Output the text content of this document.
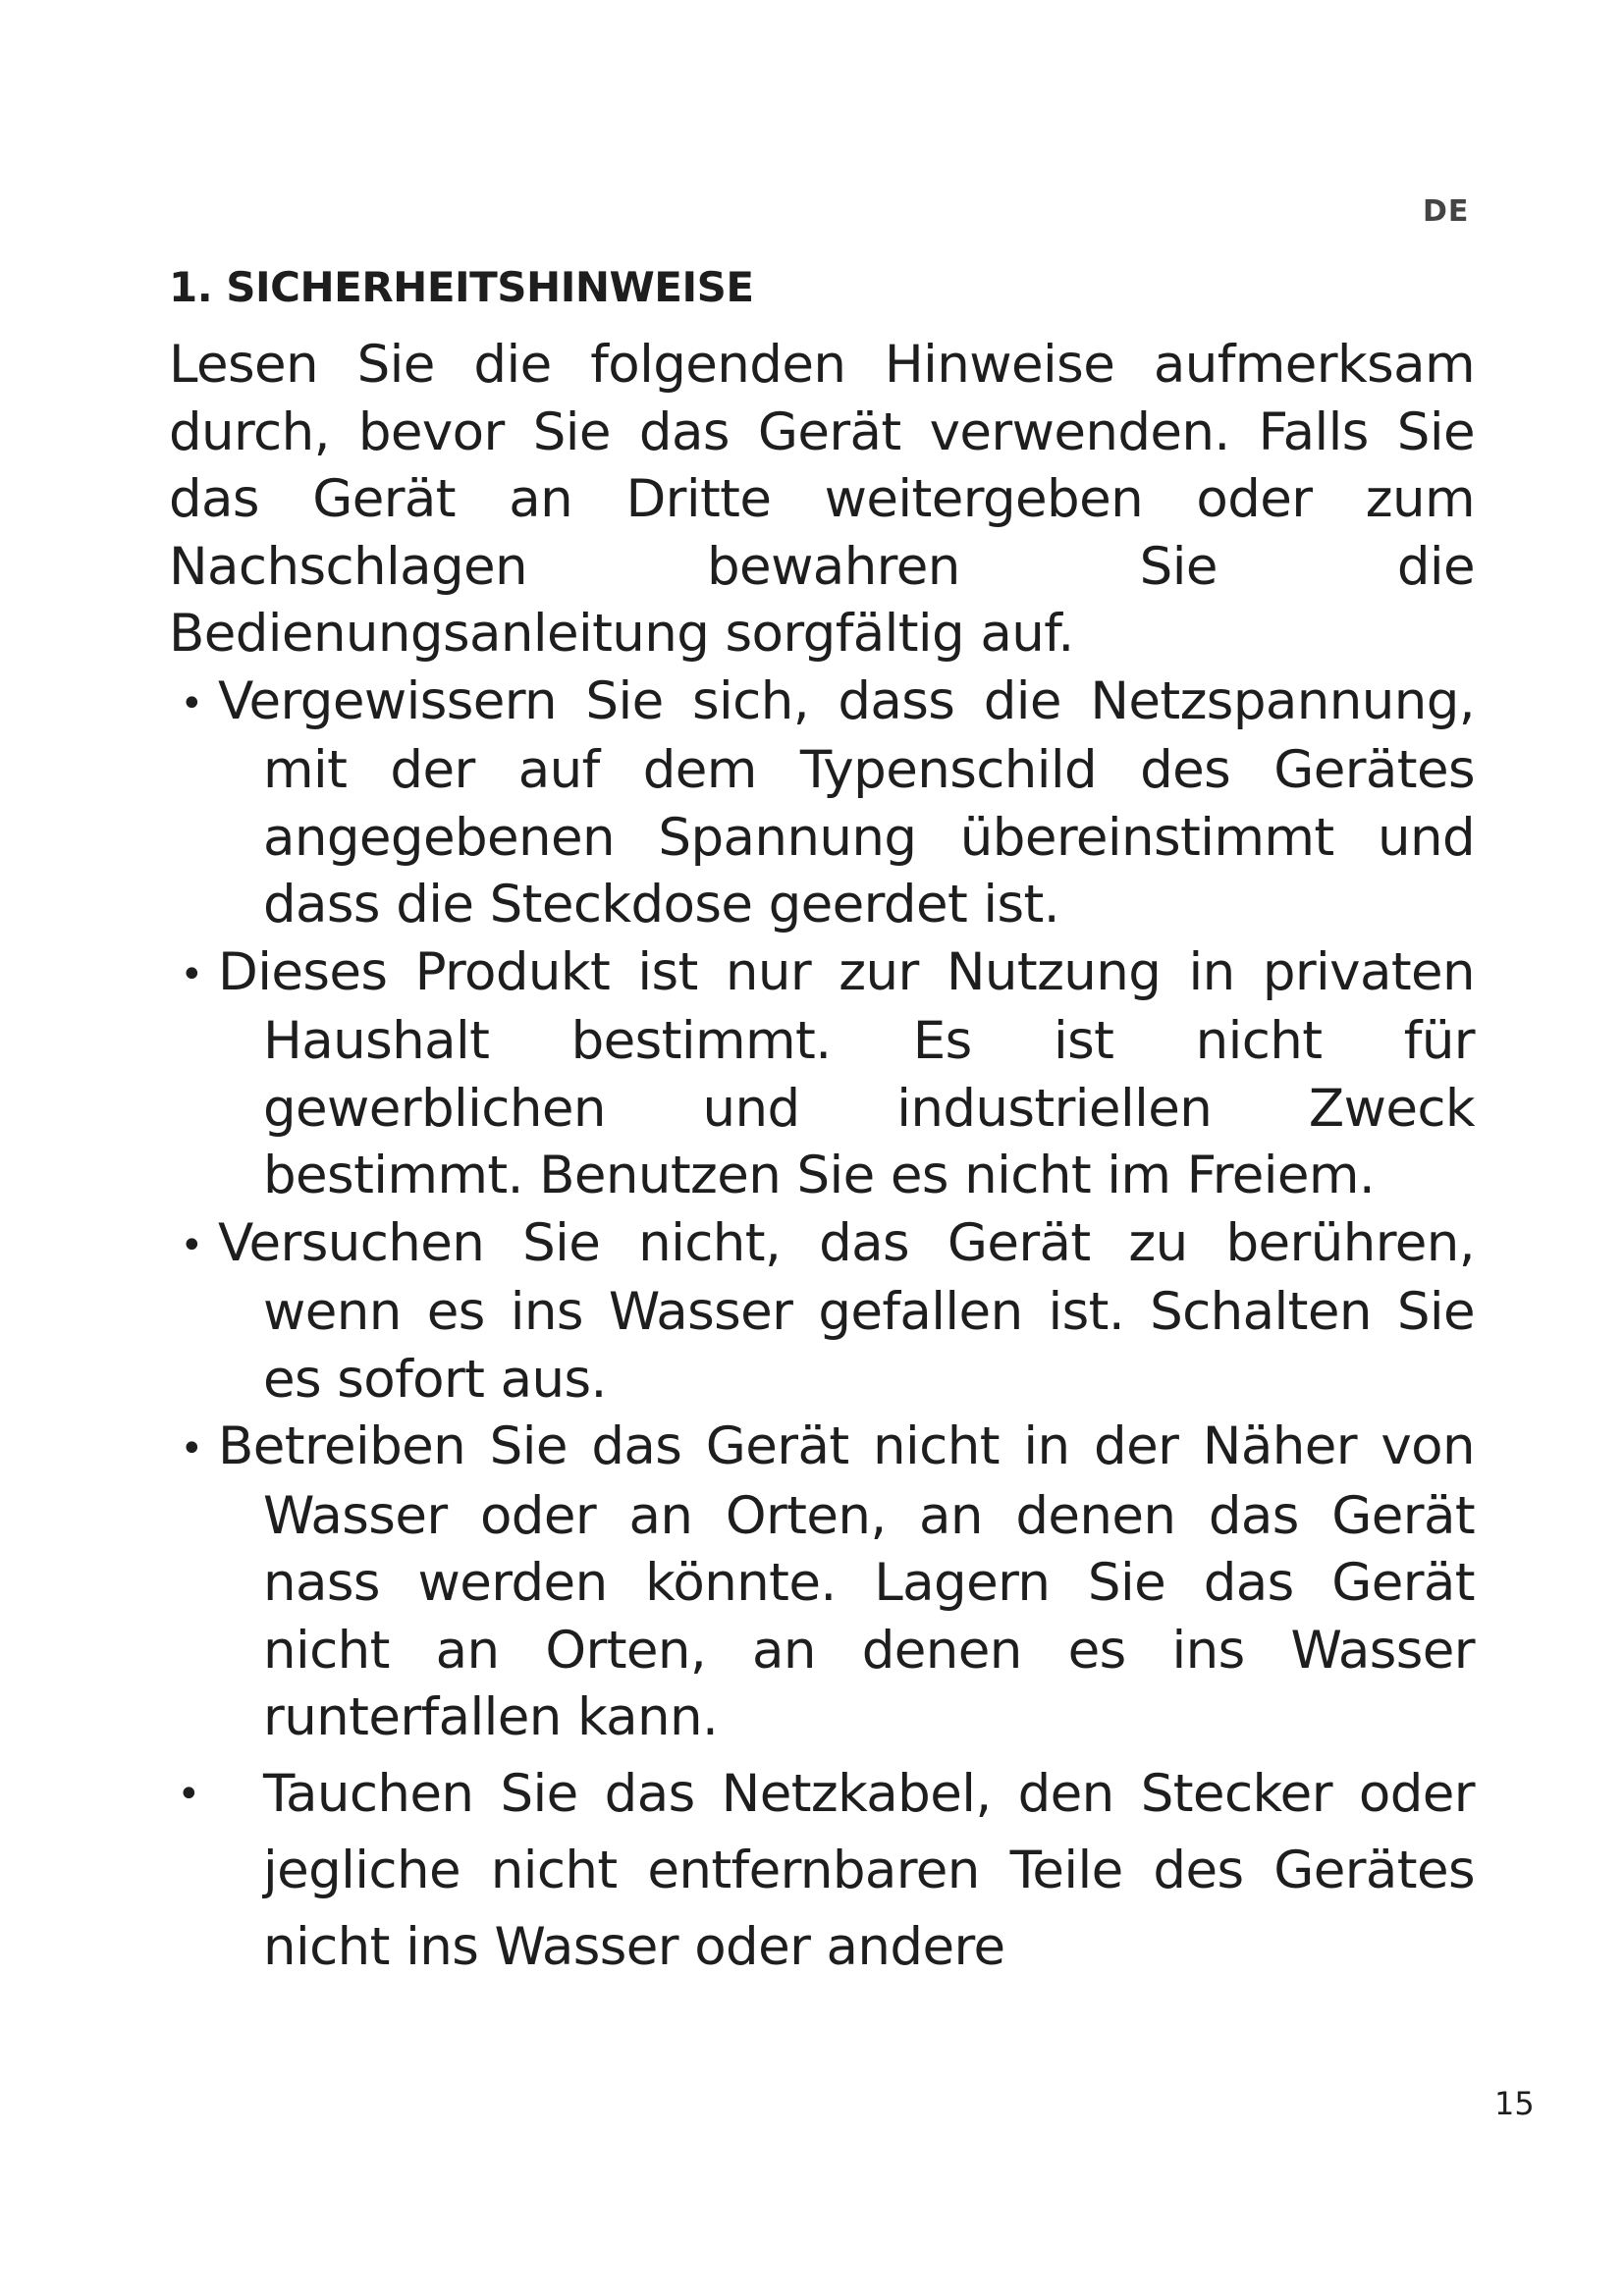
DE
1. SICHERHEITSHINWEISE

Lesen Sie die folgenden Hinweise aufmerksam durch, bevor Sie das Gerät verwenden. Falls Sie das Gerät an Dritte weitergeben oder zum Nachschlagen bewahren Sie die Bedienungsanleitung sorgfältig auf.

• Vergewissern Sie sich, dass die Netzspannung, mit der auf dem Typenschild des Gerätes angegebenen Spannung übereinstimmt und dass die Steckdose geerdet ist.
• Dieses Produkt ist nur zur Nutzung in privaten Haushalt bestimmt. Es ist nicht für gewerblichen und industriellen Zweck bestimmt. Benutzen Sie es nicht im Freiem.
• Versuchen Sie nicht, das Gerät zu berühren, wenn es ins Wasser gefallen ist. Schalten Sie es sofort aus.
• Betreiben Sie das Gerät nicht in der Näher von Wasser oder an Orten, an denen das Gerät nass werden könnte. Lagern Sie das Gerät nicht an Orten, an denen es ins Wasser runterfallen kann.
• Tauchen Sie das Netzkabel, den Stecker oder jegliche nicht entfernbaren Teile des Gerätes nicht ins Wasser oder andere
15
